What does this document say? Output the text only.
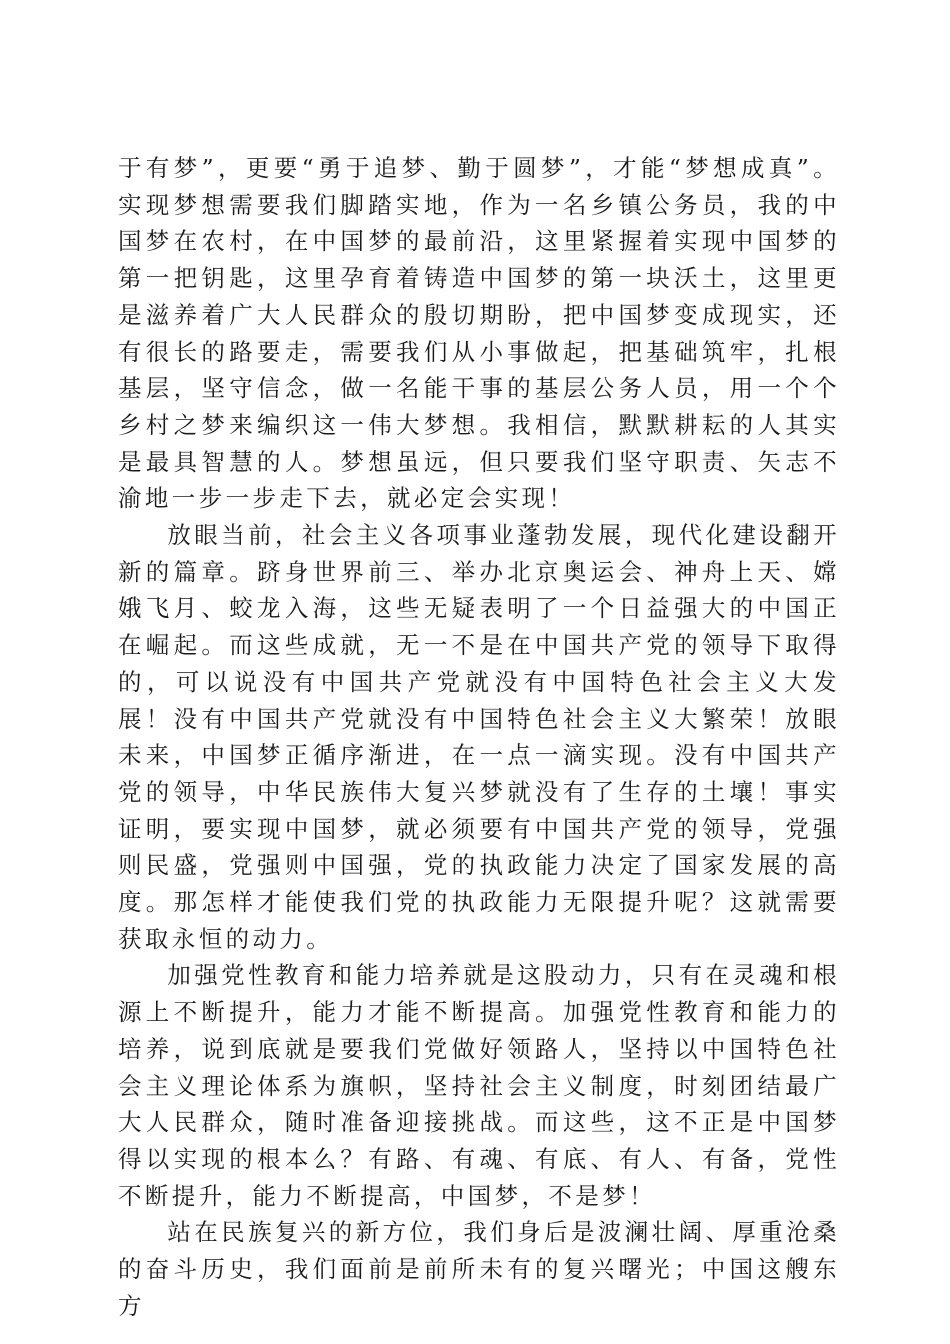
于有梦”，更要“勇于追梦、勤于圆梦”，才能“梦想成真”。实现梦想需要我们脚踏实地，作为一名乡镇公务员，我的中国梦在农村，在中国梦的最前沿，这里紧握着实现中国梦的第一把钥匙，这里孕育着铸造中国梦的第一块沃土，这里更是滋养着广大人民群众的殷切期盼，把中国梦变成现实，还有很长的路要走，需要我们从小事做起，把基础筑牢，扎根基层，坚守信念，做一名能干事的基层公务人员，用一个个乡村之梦来编织这一伟大梦想。我相信，默默耕耘的人其实是最具智慧的人。梦想虽远，但只要我们坚守职责、矢志不渝地一步一步走下去，就必定会实现！

放眼当前，社会主义各项事业蓬勃发展，现代化建设翻开新的篇章。跻身世界前三、举办北京奥运会、神舟上天、嫦娥飞月、蛟龙入海，这些无疑表明了一个日益强大的中国正在崛起。而这些成就，无一不是在中国共产党的领导下取得的，可以说没有中国共产党就没有中国特色社会主义大发展！没有中国共产党就没有中国特色社会主义大繁荣！放眼未来，中国梦正循序渐进，在一点一滴实现。没有中国共产党的领导，中华民族伟大复兴梦就没有了生存的土壤！事实证明，要实现中国梦，就必须要有中国共产党的领导，党强则民盛，党强则中国强，党的执政能力决定了国家发展的高度。那怎样才能使我们党的执政能力无限提升呢？这就需要获取永恒的动力。

加强党性教育和能力培养就是这股动力，只有在灵魂和根源上不断提升，能力才能不断提高。加强党性教育和能力的培养，说到底就是要我们党做好领路人，坚持以中国特色社会主义理论体系为旗帜，坚持社会主义制度，时刻团结最广大人民群众，随时准备迎接挑战。而这些，这不正是中国梦得以实现的根本么？有路、有魂、有底、有人、有备，党性不断提升，能力不断提高，中国梦，不是梦！

站在民族复兴的新方位，我们身后是波澜壮阔、厚重沧桑的奋斗历史，我们面前是前所未有的复兴曙光；中国这艘东方
